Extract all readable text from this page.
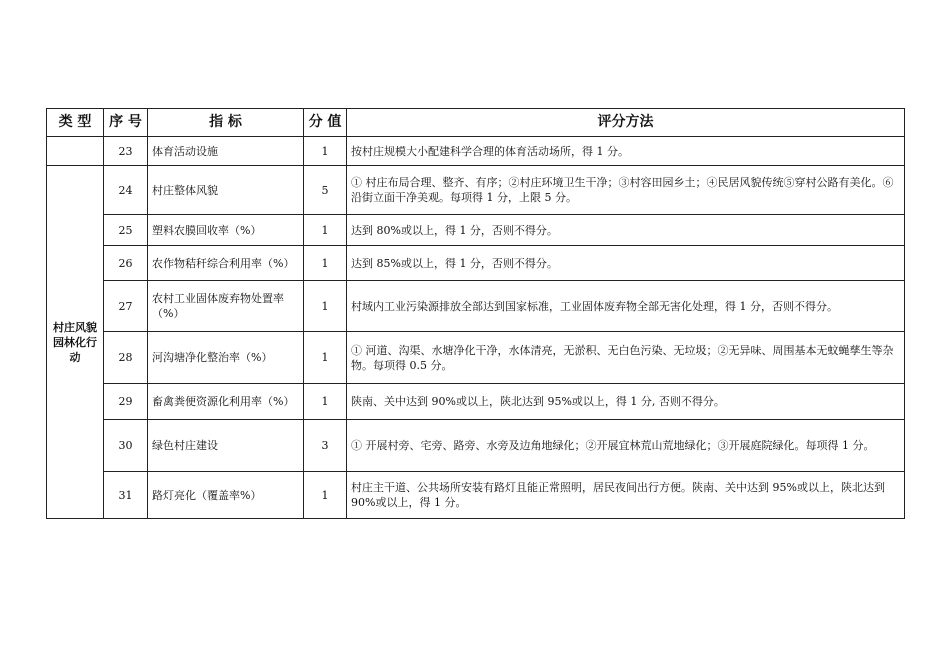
类 型	序 号	指 标	分 值	评分方法
	23	体育活动设施	1	按村庄规模大小配建科学合理的体育活动场所，得 1 分。
村庄风貌园林化行动	24	村庄整体风貌	5	① 村庄布局合理、整齐、有序；②村庄环境卫生干净；③村容田园乡土；④民居风貌传统⑤穿村公路有美化。⑥沿街立面干净美观。每项得 1 分，上限 5 分。
	25	塑料农膜回收率（%）	1	达到 80%或以上，得 1 分，否则不得分。
	26	农作物秸秆综合利用率（%）	1	达到 85%或以上，得 1 分，否则不得分。
	27	农村工业固体废弃物处置率（%）	1	村域内工业污染源排放全部达到国家标准，工业固体废弃物全部无害化处理，得 1 分，否则不得分。
	28	河沟塘净化整治率（%）	1	① 河道、沟渠、水塘净化干净，水体清亮，无淤积、无白色污染、无垃圾；②无异味、周围基本无蚊蝇孳生等杂物。每项得 0.5 分。
	29	畜禽粪便资源化利用率（%）	1	陕南、关中达到 90%或以上，陕北达到 95%或以上，得 1 分, 否则不得分。
	30	绿色村庄建设	3	① 开展村旁、宅旁、路旁、水旁及边角地绿化；②开展宜林荒山荒地绿化；③开展庭院绿化。每项得 1 分。
	31	路灯亮化（覆盖率%）	1	村庄主干道、公共场所安装有路灯且能正常照明，居民夜间出行方便。陕南、关中达到 95%或以上，陕北达到 90%或以上，得 1 分。
